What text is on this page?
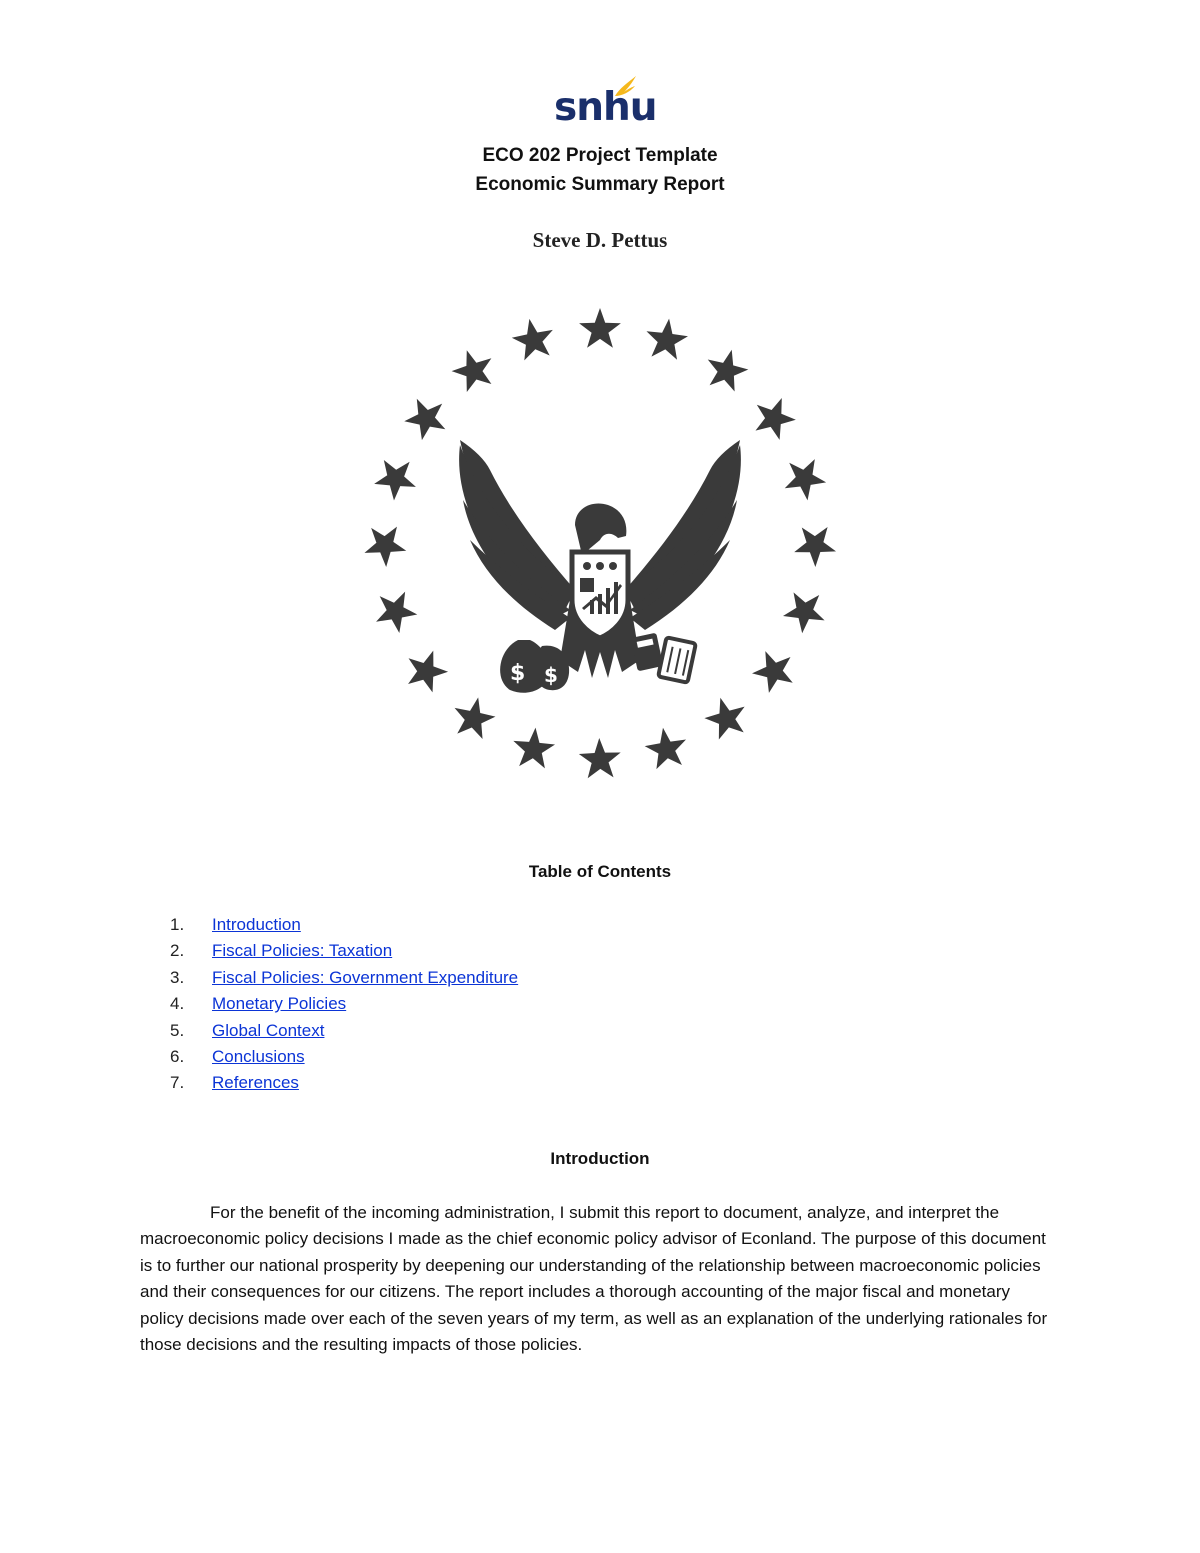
snhu
ECO 202 Project Template
Economic Summary Report
Steve D. Pettus
$ $
Table of Contents
1.	Introduction
2.	Fiscal Policies: Taxation
3.	Fiscal Policies: Government Expenditure
4.	Monetary Policies
5.	Global Context
6.	Conclusions
7.	References
Introduction

For the benefit of the incoming administration, I submit this report to document, analyze, and interpret the macroeconomic policy decisions I made as the chief economic policy advisor of Econland. The purpose of this document is to further our national prosperity by deepening our understanding of the relationship between macroeconomic policies and their consequences for our citizens. The report includes a thorough accounting of the major fiscal and monetary policy decisions made over each of the seven years of my term, as well as an explanation of the underlying rationales for those decisions and the resulting impacts of those policies.
